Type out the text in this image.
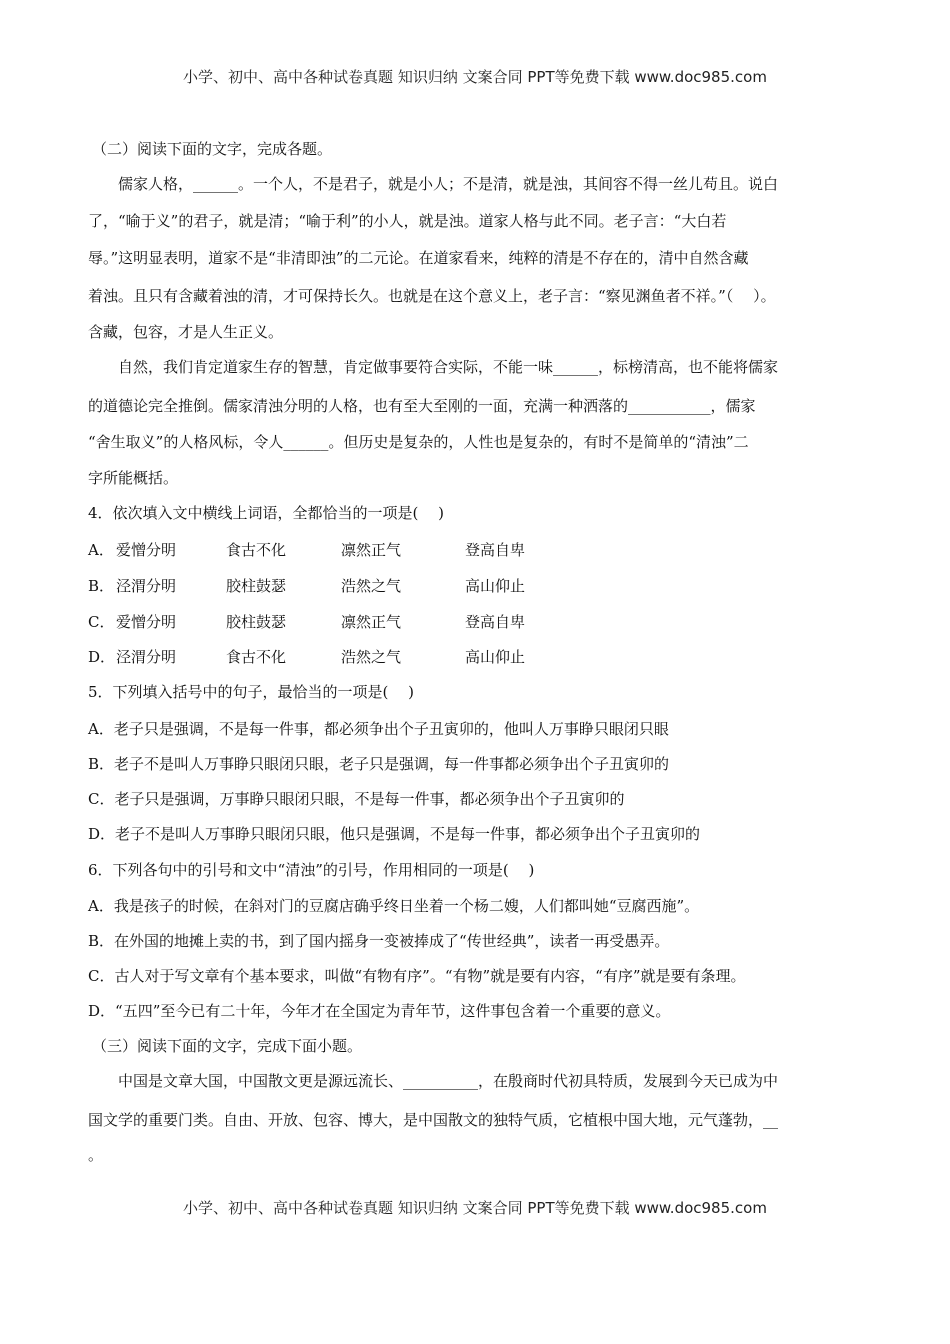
小学、初中、高中各种试卷真题 知识归纳 文案合同 PPT等免费下载 www.doc985.com
（二）阅读下面的文字，完成各题。
儒家人格，______。一个人，不是君子，就是小人；不是清，就是浊，其间容不得一丝儿苟且。说白
了，“喻于义”的君子，就是清；“喻于利”的小人，就是浊。道家人格与此不同。老子言：“大白若
辱。”这明显表明，道家不是“非清即浊”的二元论。在道家看来，纯粹的清是不存在的，清中自然含藏
着浊。且只有含藏着浊的清，才可保持长久。也就是在这个意义上，老子言：“察见渊鱼者不祥。”（　 ）。
含藏，包容，才是人生正义。
自然，我们肯定道家生存的智慧，肯定做事要符合实际，不能一味______，标榜清高，也不能将儒家
的道德论完全推倒。儒家清浊分明的人格，也有至大至刚的一面，充满一种洒落的___________，儒家
“舍生取义”的人格风标，令人______。但历史是复杂的，人性也是复杂的，有时不是简单的“清浊”二
字所能概括。
4．依次填入文中横线上词语，全都恰当的一项是(　 )
A． 爱憎分明	食古不化	凛然正气	登高自卑
B． 泾渭分明	胶柱鼓瑟	浩然之气	高山仰止
C． 爱憎分明	胶柱鼓瑟	凛然正气	登高自卑
D． 泾渭分明	食古不化	浩然之气	高山仰止
5．下列填入括号中的句子，最恰当的一项是(　 )
A．老子只是强调，不是每一件事，都必须争出个子丑寅卯的，他叫人万事睁只眼闭只眼
B．老子不是叫人万事睁只眼闭只眼，老子只是强调，每一件事都必须争出个子丑寅卯的
C．老子只是强调，万事睁只眼闭只眼，不是每一件事，都必须争出个子丑寅卯的
D．老子不是叫人万事睁只眼闭只眼，他只是强调，不是每一件事，都必须争出个子丑寅卯的
6．下列各句中的引号和文中“清浊”的引号，作用相同的一项是(　 )
A．我是孩子的时候，在斜对门的豆腐店确乎终日坐着一个杨二嫂，人们都叫她“豆腐西施”。
B．在外国的地摊上卖的书，到了国内摇身一变被捧成了“传世经典”，读者一再受愚弄。
C．古人对于写文章有个基本要求，叫做“有物有序”。“有物”就是要有内容，“有序”就是要有条理。
D．“五四”至今已有二十年，今年才在全国定为青年节，这件事包含着一个重要的意义。
（三）阅读下面的文字，完成下面小题。
中国是文章大国，中国散文更是源远流长、__________，在殷商时代初具特质，发展到今天已成为中
国文学的重要门类。自由、开放、包容、博大，是中国散文的独特气质，它植根中国大地，元气蓬勃，__
。
小学、初中、高中各种试卷真题 知识归纳 文案合同 PPT等免费下载 www.doc985.com
